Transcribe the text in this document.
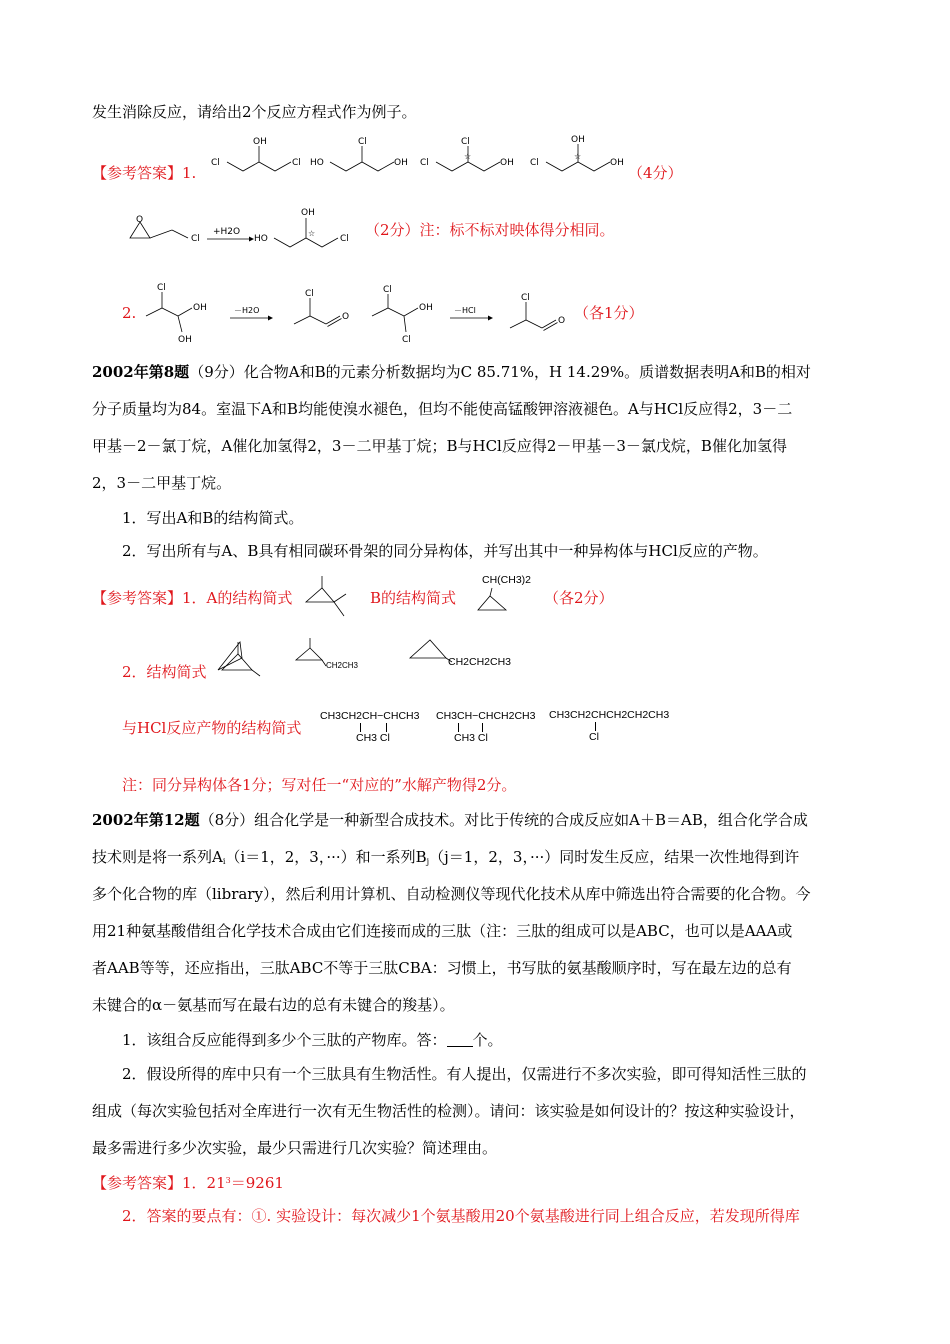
发生消除反应，请给出2个反应方程式作为例子。
【参考答案】1.
Cl	Cl
OH
HO	OH
Cl
Cl	OH
Cl
☆
Cl	OH
OH
☆
（4分）
O
Cl
+H2O
HO	Cl
OH
☆	（2分）注：标不标对映体得分相同。
2.
Cl
OH
OH
－H2O
Cl
O
Cl
OH
Cl
－HCl
Cl
O （各1分）
2002年第8题（9分）化合物A和B的元素分析数据均为C 85.71%，H 14.29%。质谱数据表明A和B的相对
分子质量均为84。室温下A和B均能使溴水褪色，但均不能使高锰酸钾溶液褪色。A与HCl反应得2，3－二
甲基－2－氯丁烷，A催化加氢得2，3－二甲基丁烷；B与HCl反应得2－甲基－3－氯戊烷，B催化加氢得
2，3－二甲基丁烷。
1．写出A和B的结构简式。
2．写出所有与A、B具有相同碳环骨架的同分异构体，并写出其中一种异构体与HCl反应的产物。
【参考答案】1．A的结构简式	B的结构简式
CH(CH3)2
（各2分）
2．结构简式	CH2CH3	CH2CH2CH3
与HCl反应产物的结构简式
CH3CH2CH−CHCH3
CH3 Cl
CH3CH−CHCH2CH3
CH3 Cl
CH3CH2CHCH2CH2CH3
Cl
注：同分异构体各1分；写对任一“对应的”水解产物得2分。
2002年第12题（8分）组合化学是一种新型合成技术。对比于传统的合成反应如A＋B＝AB，组合化学合成
技术则是将一系列$A_i(i=1$，2，3，···）和一系列$B_j(j=1$，2，3，···）同时发生反应，结果一次性地得到许
多个化合物的库（library），然后利用计算机、自动检测仪等现代化技术从库中筛选出符合需要的化合物。今
用21种氨基酸借组合化学技术合成由它们连接而成的三肽（注：三肽的组成可以是ABC，也可以是AAA或
者AAB等等，还应指出，三肽ABC不等于三肽CBA：习惯上，书写肽的氨基酸顺序时，写在最左边的总有
未键合的α－氨基而写在最右边的总有未键合的羧基）。
1．该组合反应能得到多少个三肽的产物库。答： 个。
2．假设所得的库中只有一个三肽具有生物活性。有人提出，仅需进行不多次实验，即可得知活性三肽的
组成（每次实验包括对全库进行一次有无生物活性的检测）。请问：该实验是如何设计的？按这种实验设计，
最多需进行多少次实验，最少只需进行几次实验？简述理由。
【参考答案】1．$21^3=9261$
2．答案的要点有：①. 实验设计：每次减少1个氨基酸用20个氨基酸进行同上组合反应，若发现所得库
